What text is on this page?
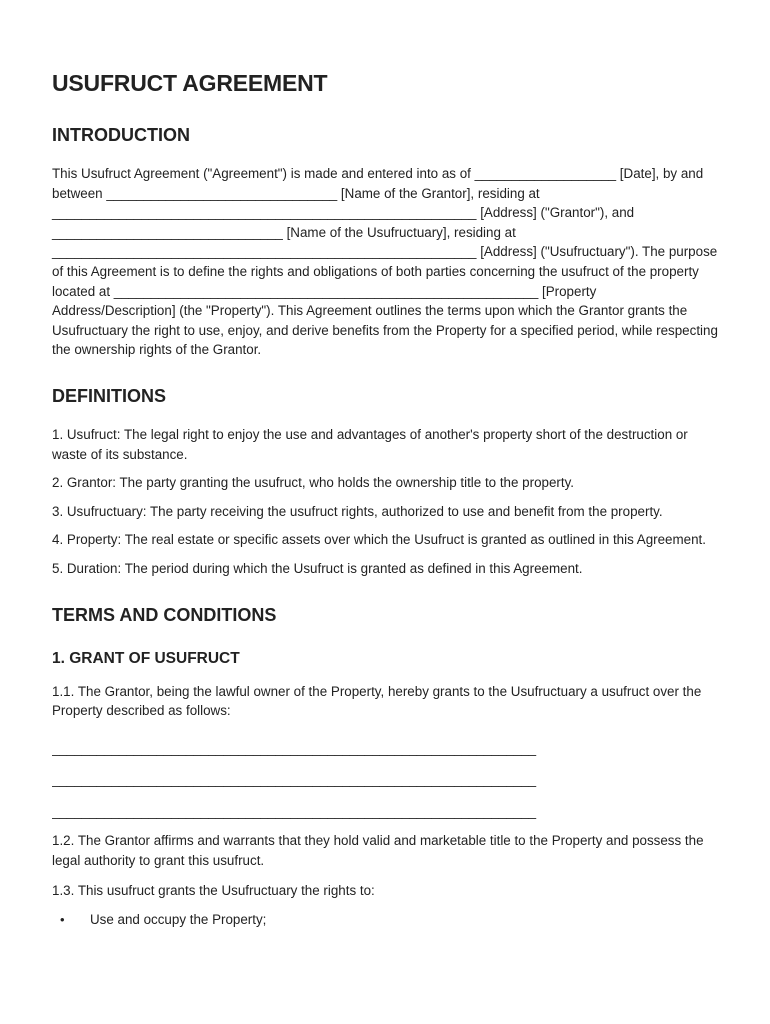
USUFRUCT AGREEMENT
INTRODUCTION

This Usufruct Agreement ("Agreement") is made and entered into as of ___________________ [Date], by and between _______________________________ [Name of the Grantor], residing at _________________________________________________________ [Address] ("Grantor"), and _______________________________ [Name of the Usufructuary], residing at _________________________________________________________ [Address] ("Usufructuary"). The purpose of this Agreement is to define the rights and obligations of both parties concerning the usufruct of the property located at _________________________________________________________ [Property Address/Description] (the "Property"). This Agreement outlines the terms upon which the Grantor grants the Usufructuary the right to use, enjoy, and derive benefits from the Property for a specified period, while respecting the ownership rights of the Grantor.

DEFINITIONS

1. Usufruct: The legal right to enjoy the use and advantages of another's property short of the destruction or waste of its substance.

2. Grantor: The party granting the usufruct, who holds the ownership title to the property.

3. Usufructuary: The party receiving the usufruct rights, authorized to use and benefit from the property.

4. Property: The real estate or specific assets over which the Usufruct is granted as outlined in this Agreement.

5. Duration: The period during which the Usufruct is granted as defined in this Agreement.

TERMS AND CONDITIONS
1. GRANT OF USUFRUCT

1.1. The Grantor, being the lawful owner of the Property, hereby grants to the Usufructuary a usufruct over the Property described as follows:

_________________________________________________________________
_________________________________________________________________
_________________________________________________________________

1.2. The Grantor affirms and warrants that they hold valid and marketable title to the Property and possess the legal authority to grant this usufruct.

1.3. This usufruct grants the Usufructuary the rights to:

• Use and occupy the Property;
